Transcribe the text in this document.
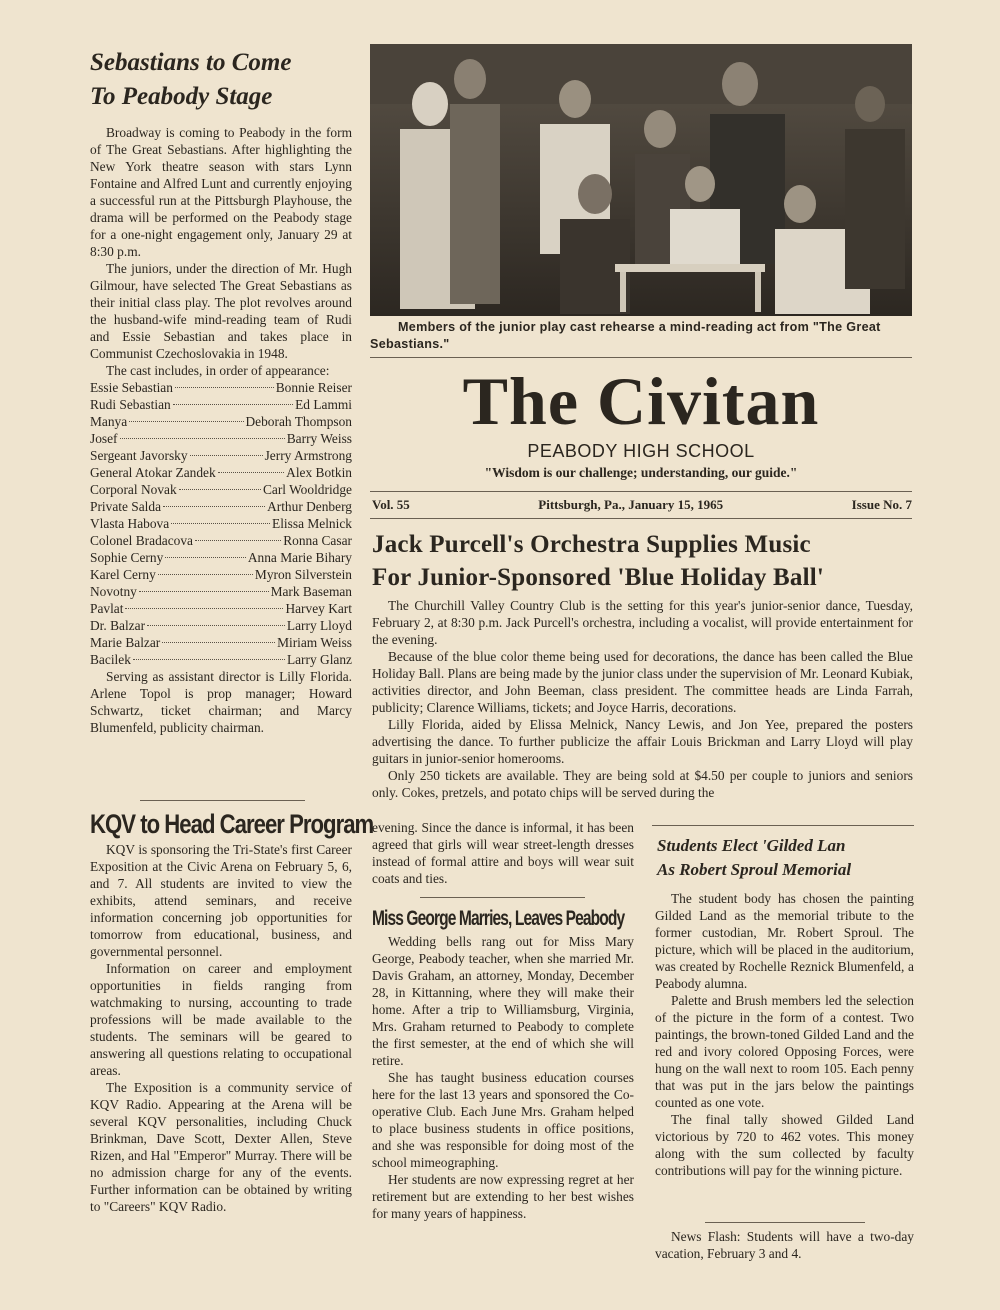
Sebastians to Come
To Peabody Stage

Broadway is coming to Peabody in the form of The Great Sebastians. After highlighting the New York theatre season with stars Lynn Fontaine and Alfred Lunt and currently enjoying a successful run at the Pittsburgh Playhouse, the drama will be performed on the Peabody stage for a one-night engagement only, January 29 at 8:30 p.m.

The juniors, under the direction of Mr. Hugh Gilmour, have selected The Great Sebastians as their initial class play. The plot revolves around the husband-wife mind-reading team of Rudi and Essie Sebastian and takes place in Communist Czechoslovakia in 1948.

The cast includes, in order of appearance:

Essie Sebastian	Bonnie Reiser
Rudi Sebastian	Ed Lammi
Manya	Deborah Thompson
Josef	Barry Weiss
Sergeant Javorsky	Jerry Armstrong
General Atokar Zandek	Alex Botkin
Corporal Novak	Carl Wooldridge
Private Salda	Arthur Denberg
Vlasta Habova	Elissa Melnick
Colonel Bradacova	Ronna Casar
Sophie Cerny	Anna Marie Bihary
Karel Cerny	Myron Silverstein
Novotny	Mark Baseman
Pavlat	Harvey Kart
Dr. Balzar	Larry Lloyd
Marie Balzar	Miriam Weiss
Bacilek	Larry Glanz

Serving as assistant director is Lilly Florida. Arlene Topol is prop manager; Howard Schwartz, ticket chairman; and Marcy Blumenfeld, publicity chairman.

KQV to Head Career Program

KQV is sponsoring the Tri-State's first Career Exposition at the Civic Arena on February 5, 6, and 7. All students are invited to view the exhibits, attend seminars, and receive information concerning job opportunities for tomorrow from educational, business, and governmental personnel.

Information on career and employment opportunities in fields ranging from watchmaking to nursing, accounting to trade professions will be made available to the students. The seminars will be geared to answering all questions relating to occupational areas.

The Exposition is a community service of KQV Radio. Appearing at the Arena will be several KQV personalities, including Chuck Brinkman, Dave Scott, Dexter Allen, Steve Rizen, and Hal "Emperor" Murray. There will be no admission charge for any of the events. Further information can be obtained by writing to "Careers" KQV Radio.

Members of the junior play cast rehearse a mind-reading act from "The Great Sebastians."
The Civitan
PEABODY HIGH SCHOOL
"Wisdom is our challenge; understanding, our guide."
Vol. 55	Pittsburgh, Pa., January 15, 1965	Issue No. 7
Jack Purcell's Orchestra Supplies Music
For Junior-Sponsored 'Blue Holiday Ball'

The Churchill Valley Country Club is the setting for this year's junior-senior dance, Tuesday, February 2, at 8:30 p.m. Jack Purcell's orchestra, including a vocalist, will provide entertainment for the evening.

Because of the blue color theme being used for decorations, the dance has been called the Blue Holiday Ball. Plans are being made by the junior class under the supervision of Mr. Leonard Kubiak, activities director, and John Beeman, class president. The committee heads are Linda Farrah, publicity; Clarence Williams, tickets; and Joyce Harris, decorations.

Lilly Florida, aided by Elissa Melnick, Nancy Lewis, and Jon Yee, prepared the posters advertising the dance. To further publicize the affair Louis Brickman and Larry Lloyd will play guitars in junior-senior homerooms.

Only 250 tickets are available. They are being sold at $4.50 per couple to juniors and seniors only. Cokes, pretzels, and potato chips will be served during the

evening. Since the dance is informal, it has been agreed that girls will wear street-length dresses instead of formal attire and boys will wear suit coats and ties.

Miss George Marries, Leaves Peabody

Wedding bells rang out for Miss Mary George, Peabody teacher, when she married Mr. Davis Graham, an attorney, Monday, December 28, in Kittanning, where they will make their home. After a trip to Williamsburg, Virginia, Mrs. Graham returned to Peabody to complete the first semester, at the end of which she will retire.

She has taught business education courses here for the last 13 years and sponsored the Co-operative Club. Each June Mrs. Graham helped to place business students in office positions, and she was responsible for doing most of the school mimeographing.

Her students are now expressing regret at her retirement but are extending to her best wishes for many years of happiness.

Students Elect 'Gilded Lan
As Robert Sproul Memorial

The student body has chosen the painting Gilded Land as the memorial tribute to the former custodian, Mr. Robert Sproul. The picture, which will be placed in the auditorium, was created by Rochelle Reznick Blumenfeld, a Peabody alumna.

Palette and Brush members led the selection of the picture in the form of a contest. Two paintings, the brown-toned Gilded Land and the red and ivory colored Opposing Forces, were hung on the wall next to room 105. Each penny that was put in the jars below the paintings counted as one vote.

The final tally showed Gilded Land victorious by 720 to 462 votes. This money along with the sum collected by faculty contributions will pay for the winning picture.

News Flash: Students will have a two-day vacation, February 3 and 4.
